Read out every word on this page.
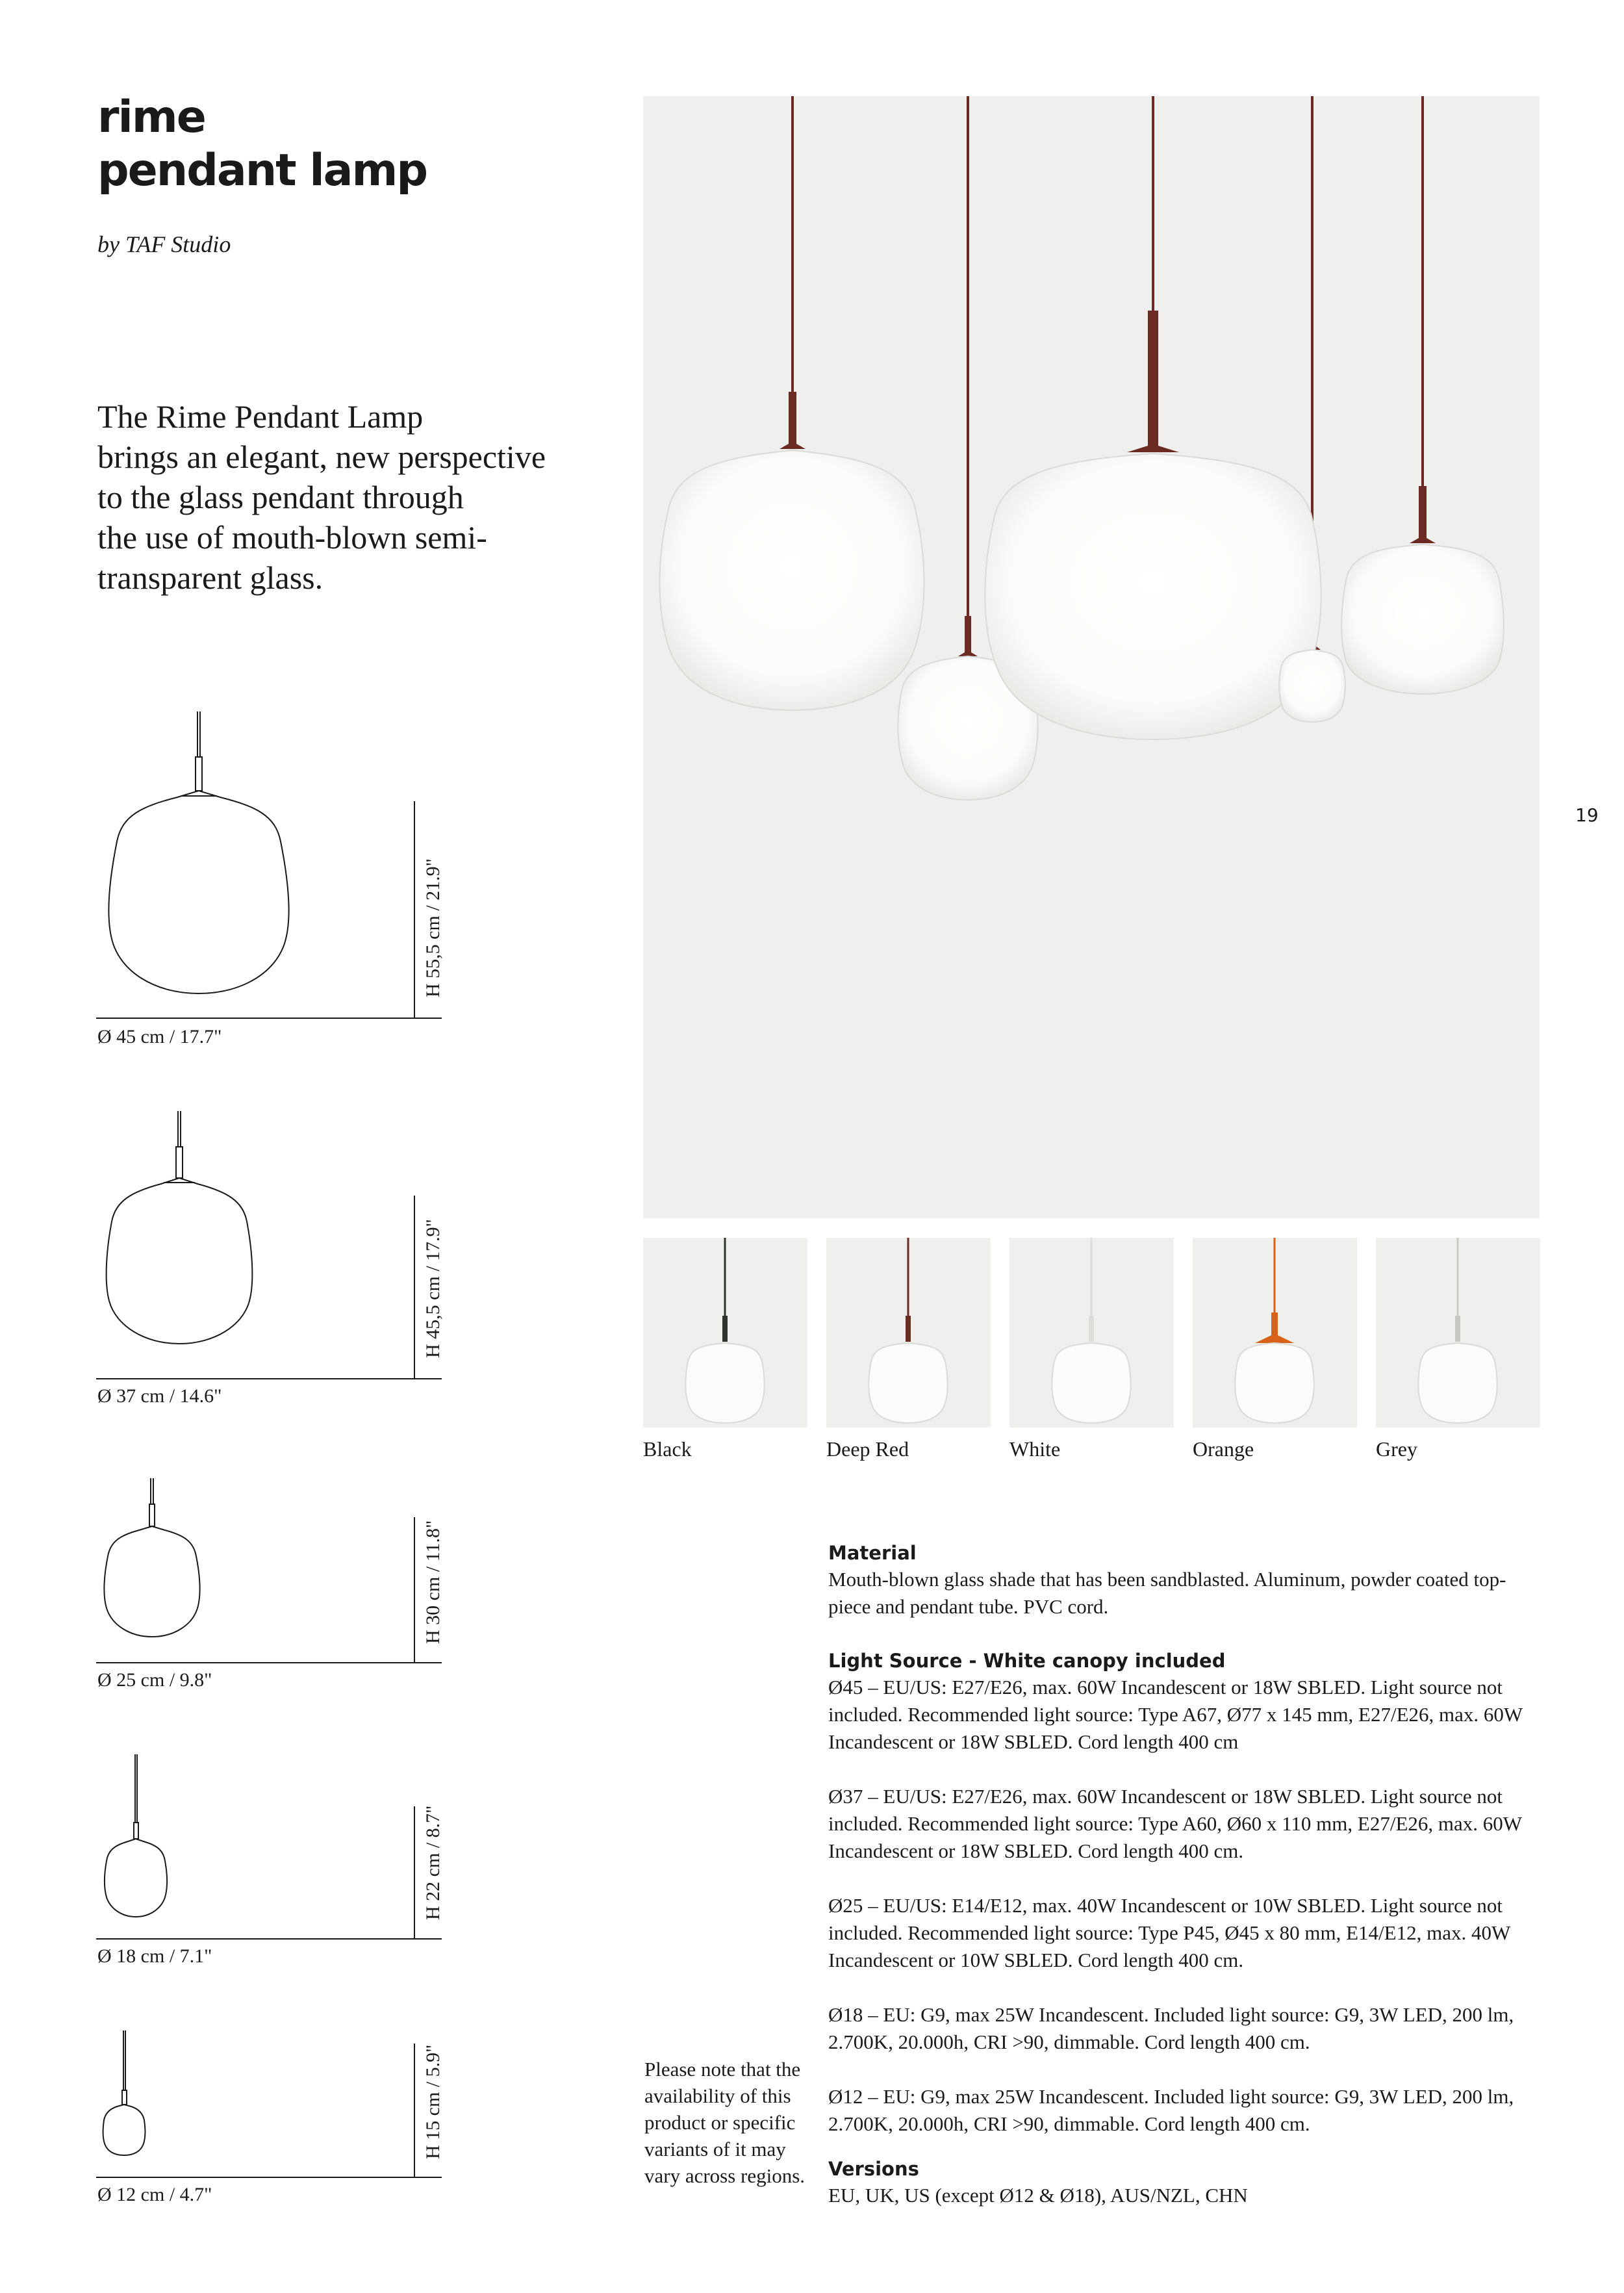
rime
pendant lamp
by TAF Studio
19
The Rime Pendant Lamp
brings an elegant, new perspective
to the glass pendant through
the use of mouth-blown semi-
transparent glass.
Ø 45 cm / 17.7"
H 55,5 cm / 21.9"
Ø 37 cm / 14.6"
H 45,5 cm / 17.9"
Ø 25 cm / 9.8"
H 30 cm / 11.8"
Ø 18 cm / 7.1"
H 22 cm / 8.7"
Ø 12 cm / 4.7"
H 15 cm / 5.9"
Black	Deep Red	White	Orange	Grey
Material

Mouth-blown glass shade that has been sandblasted. Aluminum, powder coated top-piece and pendant tube. PVC cord.

Light Source - White canopy included

Ø45 – EU/US: E27/E26, max. 60W Incandescent or 18W SBLED. Light source not included. Recommended light source: Type A67, Ø77 x 145 mm, E27/E26, max. 60W Incandescent or 18W SBLED. Cord length 400 cm

Ø37 – EU/US: E27/E26, max. 60W Incandescent or 18W SBLED. Light source not included. Recommended light source: Type A60, Ø60 x 110 mm, E27/E26, max. 60W Incandescent or 18W SBLED. Cord length 400 cm.

Ø25 – EU/US: E14/E12, max. 40W Incandescent or 10W SBLED. Light source not included. Recommended light source: Type P45, Ø45 x 80 mm, E14/E12, max. 40W Incandescent or 10W SBLED. Cord length 400 cm.

Ø18 – EU: G9, max 25W Incandescent. Included light source: G9, 3W LED, 200 lm, 2.700K, 20.000h, CRI >90, dimmable. Cord length 400 cm.

Ø12 – EU: G9, max 25W Incandescent. Included light source: G9, 3W LED, 200 lm, 2.700K, 20.000h, CRI >90, dimmable. Cord length 400 cm.

Versions

EU, UK, US (except Ø12 & Ø18), AUS/NZL, CHN

Please note that the availability of this product or specific variants of it may vary across regions.
